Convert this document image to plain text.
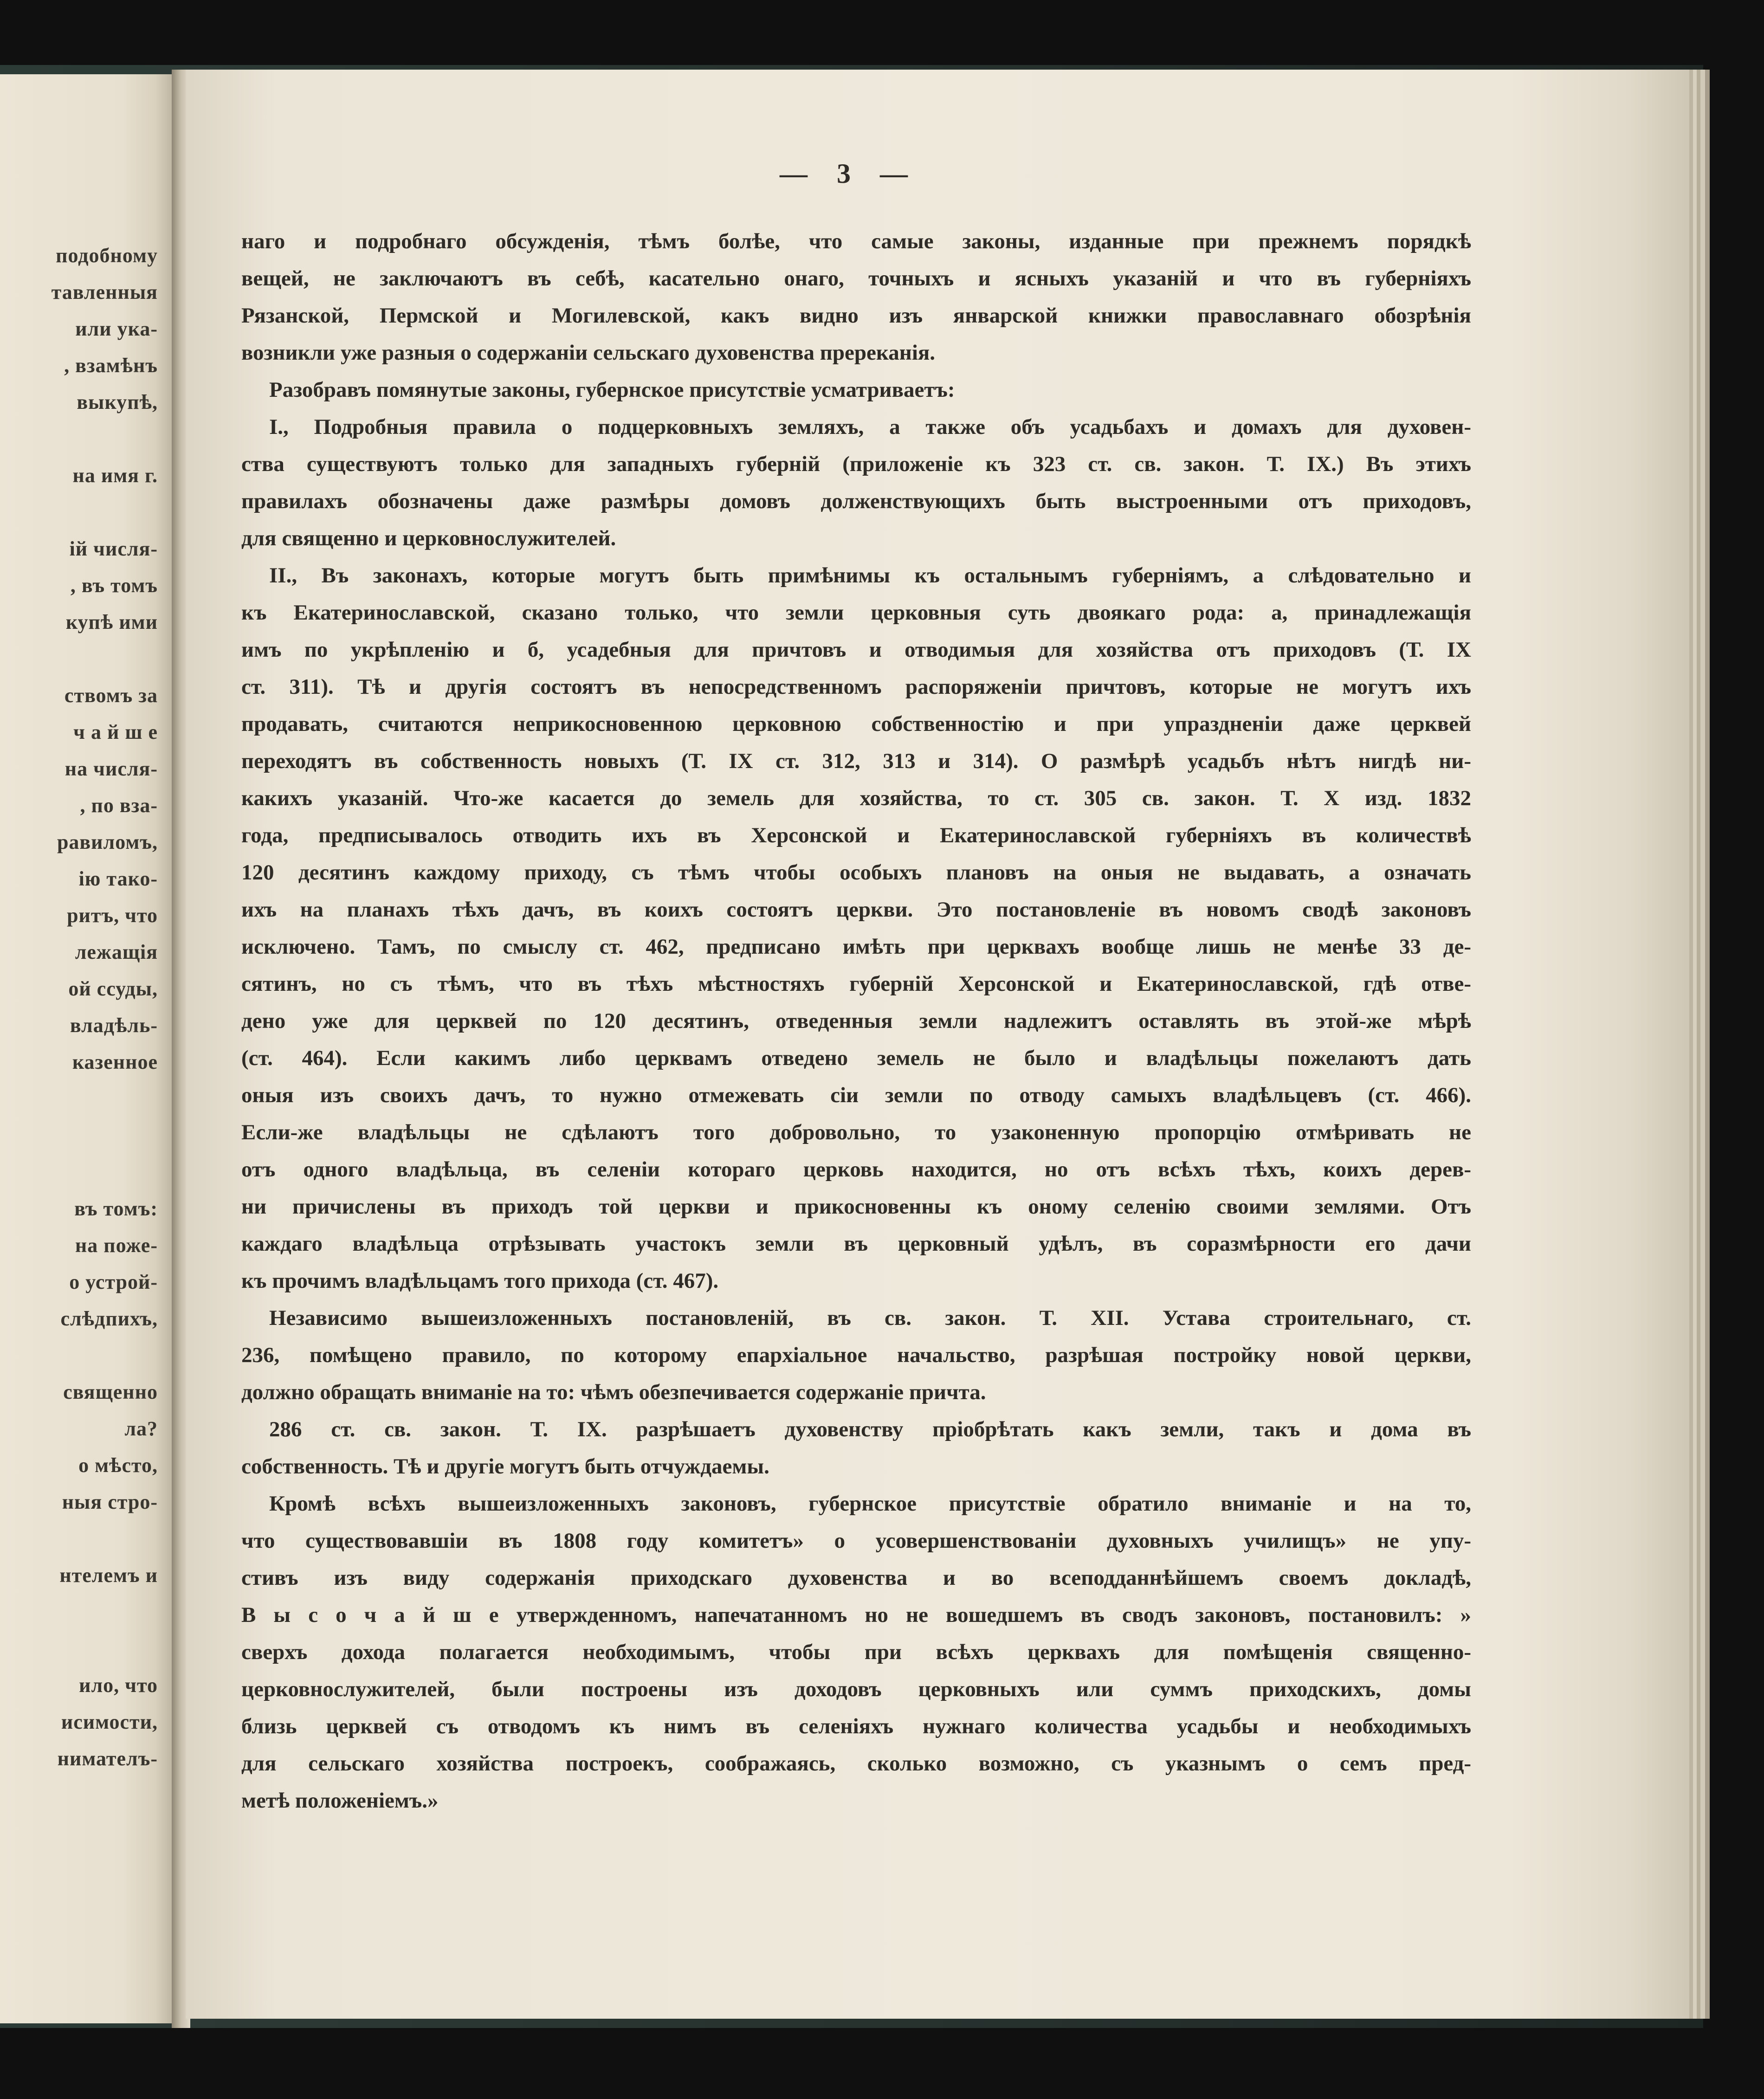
подобному
тавленныя
или ука-
, взамѣнъ
выкупѣ,
на имя г.
ій числя-
, въ томъ
купѣ ими
ствомъ за
ч а й ш е
на числя-
, по вза-
равиломъ,
ію тако-
ритъ, что
лежащія
ой ссуды,
владѣль-
казенное
въ томъ:
на поже-
о устрой-
слѣдпихъ,
священно
ла?
о мѣсто,
ныя стро-
нтелемъ и
ило, что
исимости,
нимателъ-
— 3 —
наго и подробнаго обсужденія, тѣмъ болѣе, что самые законы, изданные при прежнемъ порядкѣ
вещей, не заключаютъ въ себѣ, касательно онаго, точныхъ и ясныхъ указаній и что въ губерніяхъ
Рязанской, Пермской и Могилевской, какъ видно изъ январской книжки православнаго обозрѣнія
возникли уже разныя о содержаніи сельскаго духовенства пререканія.
Разобравъ помянутые законы, губернское присутствіе усматриваетъ:
I., Подробныя правила о подцерковныхъ земляхъ, а также объ усадьбахъ и домахъ для духовен-
ства существуютъ только для западныхъ губерній (приложеніе къ 323 ст. св. закон. Т. IX.) Въ этихъ
правилахъ обозначены даже размѣры домовъ долженствующихъ быть выстроенными отъ приходовъ,
для священно и церковнослужителей.
II., Въ законахъ, которые могутъ быть примѣнимы къ остальнымъ губерніямъ, а слѣдовательно и
къ Екатеринославской, сказано только, что земли церковныя суть двоякаго рода: а, принадлежащія
имъ по укрѣпленію и б, усадебныя для причтовъ и отводимыя для хозяйства отъ приходовъ (Т. IX
ст. 311). Тѣ и другія состоятъ въ непосредственномъ распоряженіи причтовъ, которые не могутъ ихъ
продавать, считаются неприкосновенною церковною собственностію и при упраздненіи даже церквей
переходятъ въ собственность новыхъ (Т. IX ст. 312, 313 и 314). О размѣрѣ усадьбъ нѣтъ нигдѣ ни-
какихъ указаній. Что-же касается до земель для хозяйства, то ст. 305 св. закон. Т. X изд. 1832
года, предписывалось отводить ихъ въ Херсонской и Екатеринославской губерніяхъ въ количествѣ
120 десятинъ каждому приходу, съ тѣмъ чтобы особыхъ плановъ на оныя не выдавать, а означать
ихъ на планахъ тѣхъ дачъ, въ коихъ состоятъ церкви. Это постановленіе въ новомъ сводѣ законовъ
исключено. Тамъ, по смыслу ст. 462, предписано имѣть при церквахъ вообще лишь не менѣе 33 де-
сятинъ, но съ тѣмъ, что въ тѣхъ мѣстностяхъ губерній Херсонской и Екатеринославской, гдѣ отве-
дено уже для церквей по 120 десятинъ, отведенныя земли надлежитъ оставлять въ этой-же мѣрѣ
(ст. 464). Если какимъ либо церквамъ отведено земель не было и владѣльцы пожелаютъ дать
оныя изъ своихъ дачъ, то нужно отмежевать сіи земли по отводу самыхъ владѣльцевъ (ст. 466).
Если-же владѣльцы не сдѣлаютъ того добровольно, то узаконенную пропорцію отмѣривать не
отъ одного владѣльца, въ селеніи котораго церковь находится, но отъ всѣхъ тѣхъ, коихъ дерев-
ни причислены въ приходъ той церкви и прикосновенны къ оному селенію своими землями. Отъ
каждаго владѣльца отрѣзывать участокъ земли въ церковный удѣлъ, въ соразмѣрности его дачи
къ прочимъ владѣльцамъ того прихода (ст. 467).
Независимо вышеизложенныхъ постановленій, въ св. закон. Т. XII. Устава строительнаго, ст.
236, помѣщено правило, по которому епархіальное начальство, разрѣшая постройку новой церкви,
должно обращать вниманіе на то: чѣмъ обезпечивается содержаніе причта.
286 ст. св. закон. Т. IX. разрѣшаетъ духовенству пріобрѣтать какъ земли, такъ и дома въ
собственность. Тѣ и другіе могутъ быть отчуждаемы.
Кромѣ всѣхъ вышеизложенныхъ законовъ, губернское присутствіе обратило вниманіе и на то,
что существовавшіи въ 1808 году комитетъ» о усовершенствованіи духовныхъ училищъ» не упу-
стивъ изъ виду содержанія приходскаго духовенства и во всеподданнѣйшемъ своемъ докладѣ,
В ы с о ч а й ш е утвержденномъ, напечатанномъ но не вошедшемъ въ сводъ законовъ, постановилъ: »
сверхъ дохода полагается необходимымъ, чтобы при всѣхъ церквахъ для помѣщенія священно-
церковнослужителей, были построены изъ доходовъ церковныхъ или суммъ приходскихъ, домы
близь церквей съ отводомъ къ нимъ въ селеніяхъ нужнаго количества усадьбы и необходимыхъ
для сельскаго хозяйства построекъ, соображаясь, сколько возможно, съ указнымъ о семъ пред-
метѣ положеніемъ.»
